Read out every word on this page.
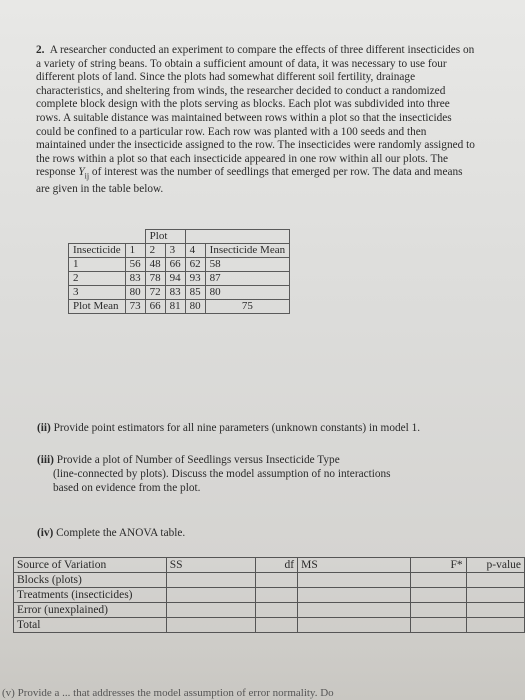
2. A researcher conducted an experiment to compare the effects of three different insecticides on a variety of string beans. To obtain a sufficient amount of data, it was necessary to use four different plots of land. Since the plots had somewhat different soil fertility, drainage characteristics, and sheltering from winds, the researcher decided to conduct a randomized complete block design with the plots serving as blocks. Each plot was subdivided into three rows. A suitable distance was maintained between rows within a plot so that the insecticides could be confined to a particular row. Each row was planted with a 100 seeds and then maintained under the insecticide assigned to the row. The insecticides were randomly assigned to the rows within a plot so that each insecticide appeared in one row within all our plots. The response $Y_{ij}$ of interest was the number of seedlings that emerged per row. The data and means are given in the table below.
		Plot				
Insecticide	1	2	3	4	Insecticide Mean	
1	56	48	66	62	58	
2	83	78	94	93	87	
3	80	72	83	85	80	
Plot Mean	73	66	81	80	75	
(ii) Provide point estimators for all nine parameters (unknown constants) in model 1.
(iii) Provide a plot of Number of Seedlings versus Insecticide Type
(line-connected by plots). Discuss the model assumption of no interactions
based on evidence from the plot.
(iv) Complete the ANOVA table.
Source of Variation	SS	df	MS	F*	p-value
Blocks (plots)					
Treatments (insecticides)					
Error (unexplained)					
Total					
(v) Provide a ... that addresses the model assumption of error normality. Do
